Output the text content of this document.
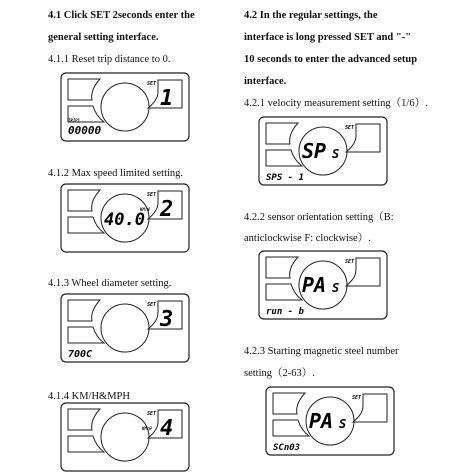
4.1 Click SET 2seconds enter the
general setting interface.
4.1.1 Reset trip distance to 0.
4.1.2 Max speed limited setting.
4.1.3 Wheel diameter setting.
4.1.4 KM/H&MPH
4.2 In the regular settings, the
interface is long pressed SET and "-"
10 seconds to enter the advanced setup
interface.
4.2.1 velocity measurement setting（1/6）.
4.2.2 sensor orientation setting（B:
anticlockwise F: clockwise）.
4.2.3 Starting magnetic steel number
setting（2-63）.
SET
1
TRIP1
00000
SET
40.0
KM/H 2
SET
3
700C
SET
KM/H 4
SET
SP S
SPS - 1
SET
PA S
run - b
SET
PA S
SCn03
